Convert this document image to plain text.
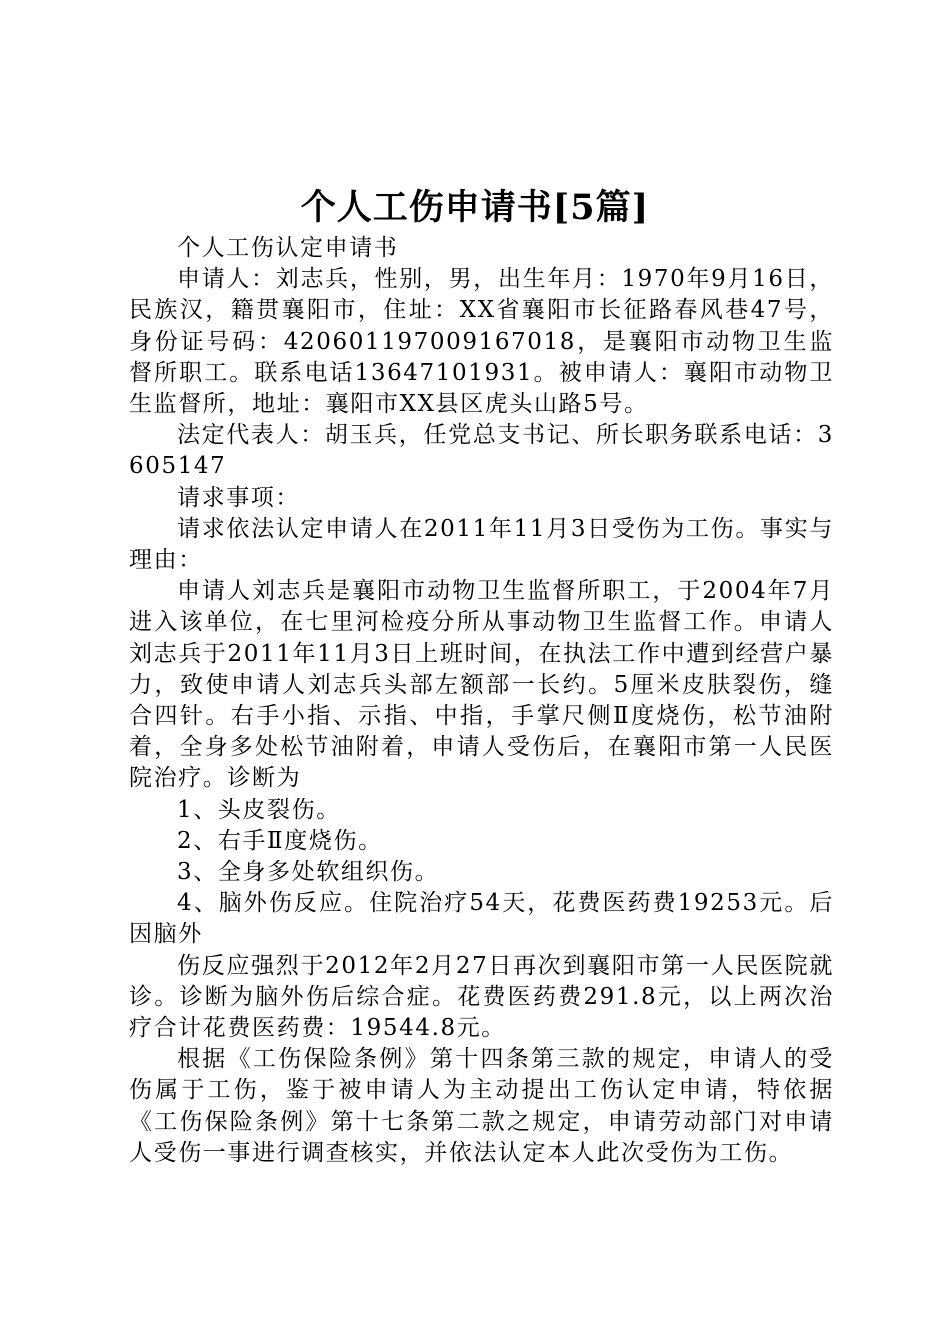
个人工伤申请书[5篇]

个人工伤认定申请书

申请人：刘志兵，性别，男，出生年月：1970年9月16日，民族汉，籍贯襄阳市，住址：XX省襄阳市长征路春风巷47号，身份证号码：420601197009167018，是襄阳市动物卫生监督所职工。联系电话13647101931。被申请人：襄阳市动物卫生监督所，地址：襄阳市XX县区虎头山路5号。

法定代表人：胡玉兵，任党总支书记、所长职务联系电话：3605147

请求事项：

请求依法认定申请人在2011年11月3日受伤为工伤。事实与理由：

申请人刘志兵是襄阳市动物卫生监督所职工，于2004年7月进入该单位，在七里河检疫分所从事动物卫生监督工作。申请人刘志兵于2011年11月3日上班时间，在执法工作中遭到经营户暴力，致使申请人刘志兵头部左额部一长约。5厘米皮肤裂伤，缝合四针。右手小指、示指、中指，手掌尺侧Ⅱ度烧伤，松节油附着，全身多处松节油附着，申请人受伤后，在襄阳市第一人民医院治疗。诊断为

1、头皮裂伤。

2、右手Ⅱ度烧伤。

3、全身多处软组织伤。

4、脑外伤反应。住院治疗54天，花费医药费19253元。后因脑外

伤反应强烈于2012年2月27日再次到襄阳市第一人民医院就诊。诊断为脑外伤后综合症。花费医药费291.8元，以上两次治疗合计花费医药费：19544.8元。

根据《工伤保险条例》第十四条第三款的规定，申请人的受伤属于工伤，鉴于被申请人为主动提出工伤认定申请，特依据《工伤保险条例》第十七条第二款之规定，申请劳动部门对申请人受伤一事进行调查核实，并依法认定本人此次受伤为工伤。
